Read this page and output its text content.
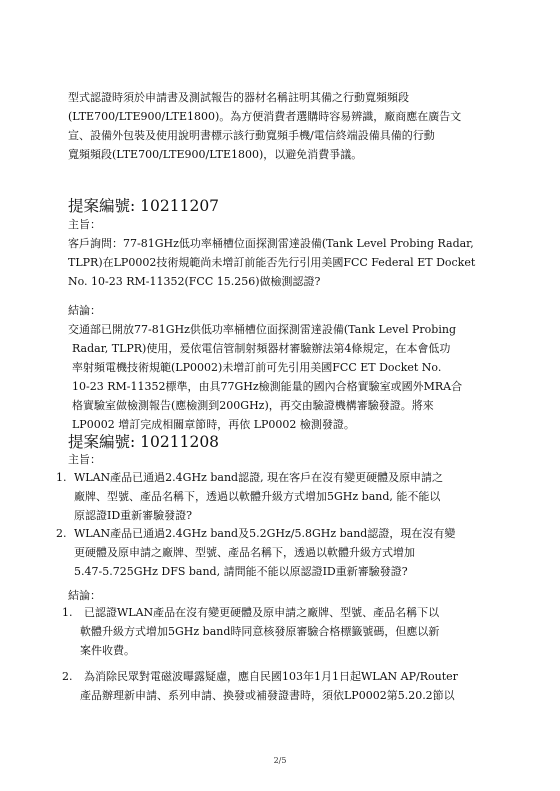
型式認證時須於申請書及測試報告的器材名稱註明其備之行動寬頻頻段
(LTE700/LTE900/LTE1800)。為方便消費者選購時容易辨識，廠商應在廣告文
宣、設備外包裝及使用說明書標示該行動寬頻手機/電信終端設備具備的行動
寬頻頻段(LTE700/LTE900/LTE1800)，以避免消費爭議。
提案編號: 10211207
主旨：
客戶詢問：77-81GHz低功率桶槽位面探測雷達設備(Tank Level Probing Radar,
TLPR)在LP0002技術規範尚未增訂前能否先行引用美國FCC Federal ET Docket
No. 10-23 RM-11352(FCC 15.256)做檢測認證?
結論：
交通部已開放77-81GHz供低功率桶槽位面探測雷達設備(Tank Level Probing
Radar, TLPR)使用，爰依電信管制射頻器材審驗辦法第4條規定，在本會低功
率射頻電機技術規範(LP0002)未增訂前可先引用美國FCC ET Docket No.
10-23 RM-11352標準，由具77GHz檢測能量的國內合格實驗室或國外MRA合
格實驗室做檢測報告(應檢測到200GHz)，再交由驗證機構審驗發證。將來
LP0002 增訂完成相關章節時，再依 LP0002 檢測發證。
提案編號: 10211208
主旨：
1. WLAN產品已通過2.4GHz band認證, 現在客戶在沒有變更硬體及原申請之
廠牌、型號、產品名稱下，透過以軟體升級方式增加5GHz band, 能不能以
原認證ID重新審驗發證?
2. WLAN產品已通過2.4GHz band及5.2GHz/5.8GHz band認證，現在沒有變
更硬體及原申請之廠牌、型號、產品名稱下，透過以軟體升級方式增加
5.47-5.725GHz DFS band, 請問能不能以原認證ID重新審驗發證?
結論：
1.	已認證WLAN產品在沒有變更硬體及原申請之廠牌、型號、產品名稱下以
軟體升級方式增加5GHz band時同意核發原審驗合格標籤號碼，但應以新
案件收費。
2.	為消除民眾對電磁波曝露疑慮，應自民國103年1月1日起WLAN AP/Router
產品辦理新申請、系列申請、換發或補發證書時，須依LP0002第5.20.2節以
2/5
